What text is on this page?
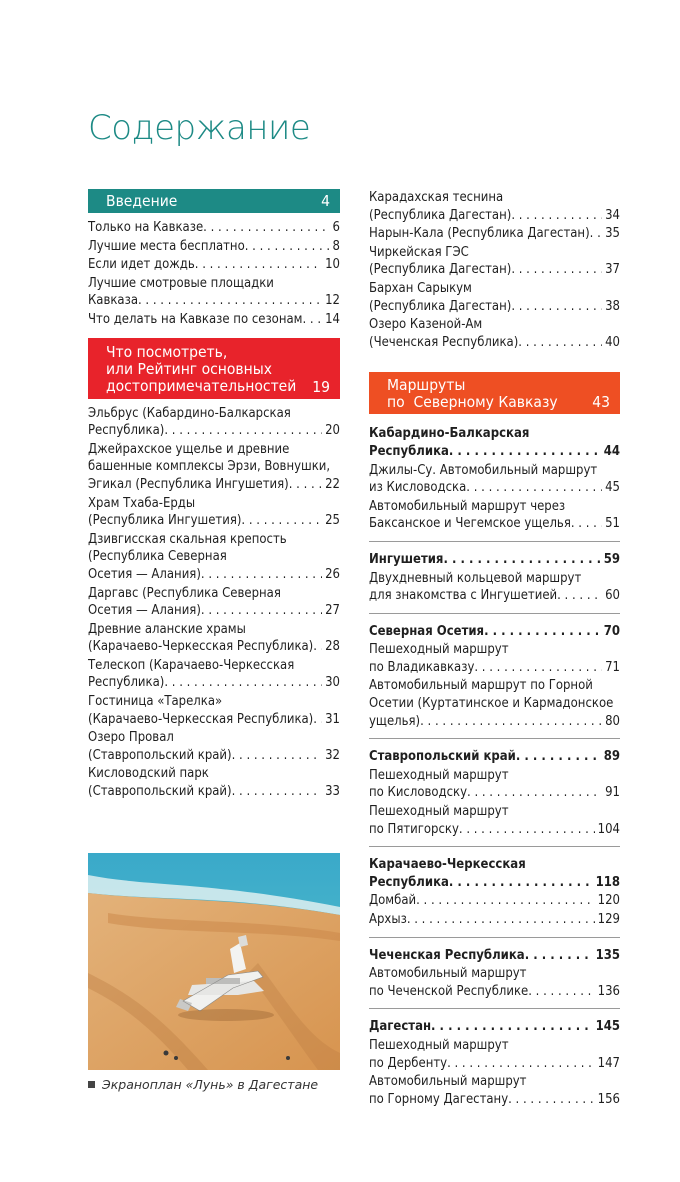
Содержание
Введение	4
Только на Кавказе . . .	6
Лучшие места бесплатно . . .	8
Если идет дождь . . .	10
Лучшие смотровые площадки
Кавказа . . .	12
Что делать на Кавказе по сезонам . . . 14
Что посмотреть,
или Рейтинг основных
достопримечательностей	19
Эльбрус (Кабардино-Балкарская
Республика) . . .	20
Джейрахское ущелье и древние
башенные комплексы Эрзи, Вовнушки,
Эгикал (Республика Ингушетия) . . .	22
Храм Тхаба-Ерды
(Республика Ингушетия) . . .	25
Дзивгисская скальная крепость
(Республика Северная
Осетия — Алания) . . .	26
Даргавс (Республика Северная
Осетия — Алания) . . .	27
Древние аланские храмы
(Карачаево-Черкесская Республика) . . . 28
Телескоп (Карачаево-Черкесская
Республика) . . .	30
Гостиница «Тарелка»
(Карачаево-Черкесская Республика) . . . 31
Озеро Провал
(Ставропольский край) . . .	32
Кисловодский парк
(Ставропольский край) . . .	33
Экраноплан «Лунь» в Дагестане
Карадахская теснина
(Республика Дагестан) . . .	34
Нарын-Кала (Республика Дагестан) . . . 35
Чиркейская ГЭС
(Республика Дагестан) . . .	37
Бархан Сарыкум
(Республика Дагестан) . . .	38
Озеро Казеной-Ам
(Чеченская Республика) . . .	40
Маршруты
по  Северному Кавказу	43
Кабардино-Балкарская
Республика . . .	44
Джилы-Су. Автомобильный маршрут
из Кисловодска . . .	45
Автомобильный маршрут через
Баксанское и Чегемское ущелья . . .	51
Ингушетия . . .	59
Двухдневный кольцевой маршрут
для знакомства с Ингушетией . . .	60
Северная Осетия . . .	70
Пешеходный маршрут
по Владикавказу . . .	71
Автомобильный маршрут по Горной
Осетии (Куртатинское и Кармадонское
ущелья) . . .	80
Ставропольский край . . .	89
Пешеходный маршрут
по Кисловодску . . .	91
Пешеходный маршрут
по Пятигорску . . .	104
Карачаево-Черкесская
Республика . . .	118
Домбай . . .	120
Архыз . . .	129
Чеченская Республика . . .	135
Автомобильный маршрут
по Чеченской Республике . . .	136
Дагестан . . .	145
Пешеходный маршрут
по Дербенту . . .	147
Автомобильный маршрут
по Горному Дагестану . . .	156
